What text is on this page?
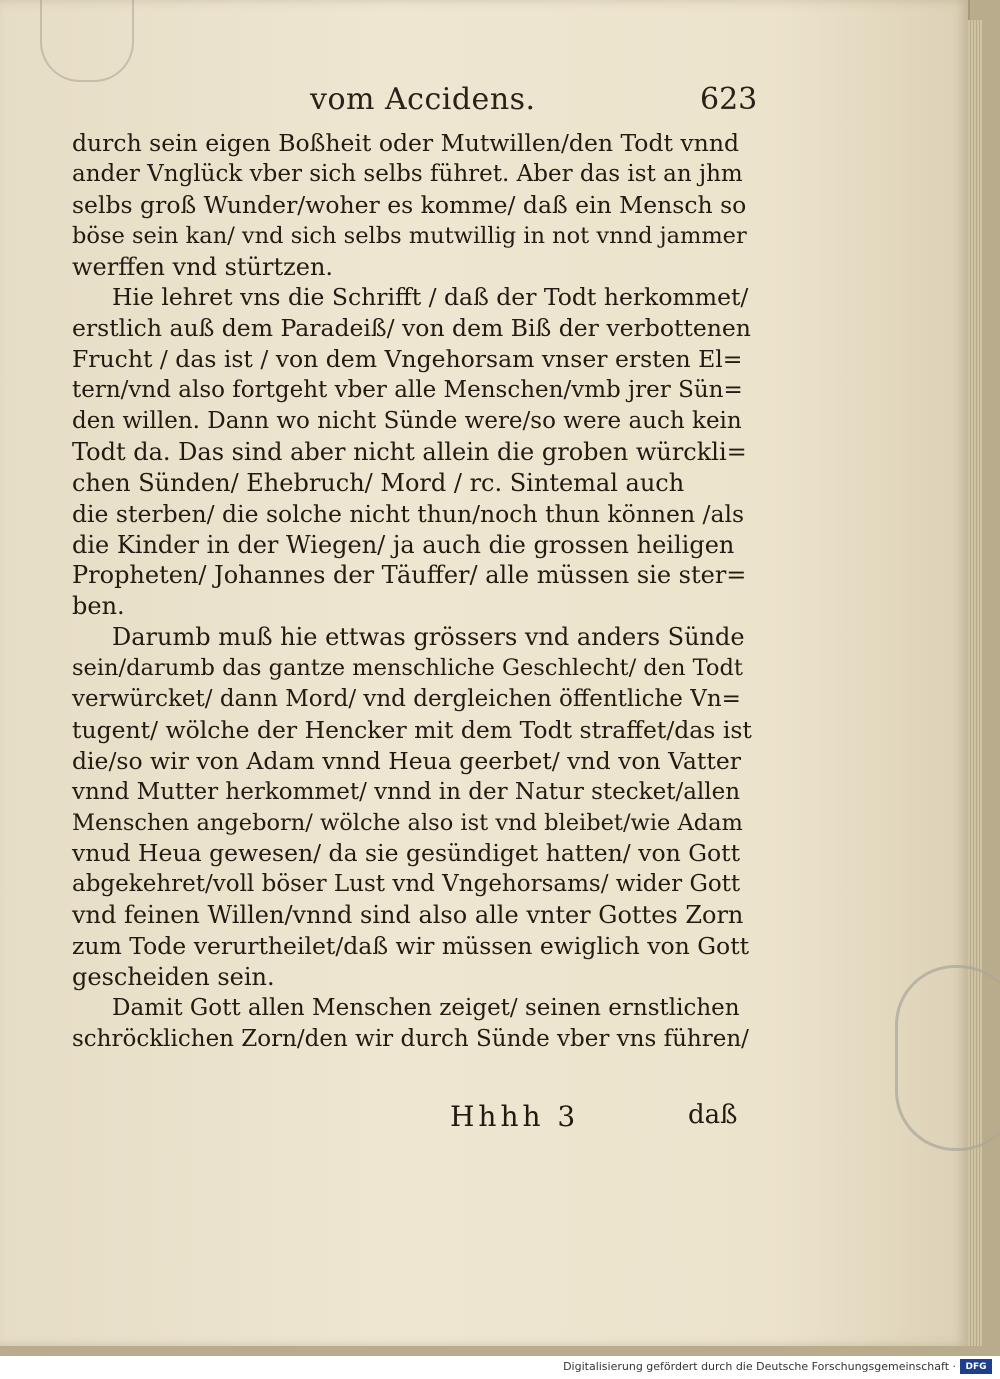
vom Accidens.	623
durch sein eigen Boßheit oder Mutwillen/den Todt vnnd
ander Vnglück vber sich selbs führet. Aber das ist an jhm
selbs groß Wunder/woher es komme/ daß ein Mensch so
böse sein kan/ vnd sich selbs mutwillig in not vnnd jammer
werffen vnd stürtzen.
Hie lehret vns die Schrifft / daß der Todt herkommet/
erstlich auß dem Paradeiß/ von dem Biß der verbottenen
Frucht / das ist / von dem Vngehorsam vnser ersten El=
tern/vnd also fortgeht vber alle Menschen/vmb jrer Sün=
den willen. Dann wo nicht Sünde were/so were auch kein
Todt da. Das sind aber nicht allein die groben würckli=
chen Sünden/ Ehebruch/ Mord / rc. Sintemal auch
die sterben/ die solche nicht thun/noch thun können /als
die Kinder in der Wiegen/ ja auch die grossen heiligen
Propheten/ Johannes der Täuffer/ alle müssen sie ster=
ben.
Darumb muß hie ettwas grössers vnd anders Sünde
sein/darumb das gantze menschliche Geschlecht/ den Todt
verwürcket/ dann Mord/ vnd dergleichen öffentliche Vn=
tugent/ wölche der Hencker mit dem Todt straffet/das ist
die/so wir von Adam vnnd Heua geerbet/ vnd von Vatter
vnnd Mutter herkommet/ vnnd in der Natur stecket/allen
Menschen angeborn/ wölche also ist vnd bleibet/wie Adam
vnud Heua gewesen/ da sie gesündiget hatten/ von Gott
abgekehret/voll böser Lust vnd Vngehorsams/ wider Gott
vnd feinen Willen/vnnd sind also alle vnter Gottes Zorn
zum Tode verurtheilet/daß wir müssen ewiglich von Gott
gescheiden sein.
Damit Gott allen Menschen zeiget/ seinen ernstlichen
schröcklichen Zorn/den wir durch Sünde vber vns führen/
Hhhh 3	daß
Digitalisierung gefördert durch die Deutsche Forschungsgemeinschaft ·	DFG
